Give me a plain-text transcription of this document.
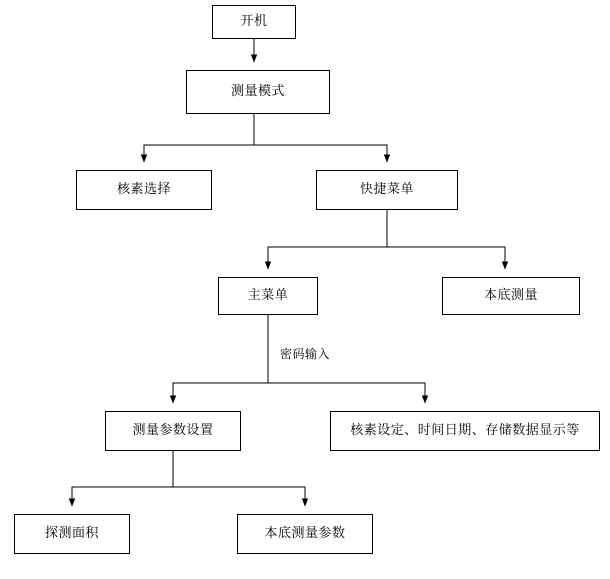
开机
测量模式
核素选择	快捷菜单
主菜单	本底测量
测量参数设置	核素设定、时间日期、存储数据显示等
探测面积	本底测量参数
密码输入
